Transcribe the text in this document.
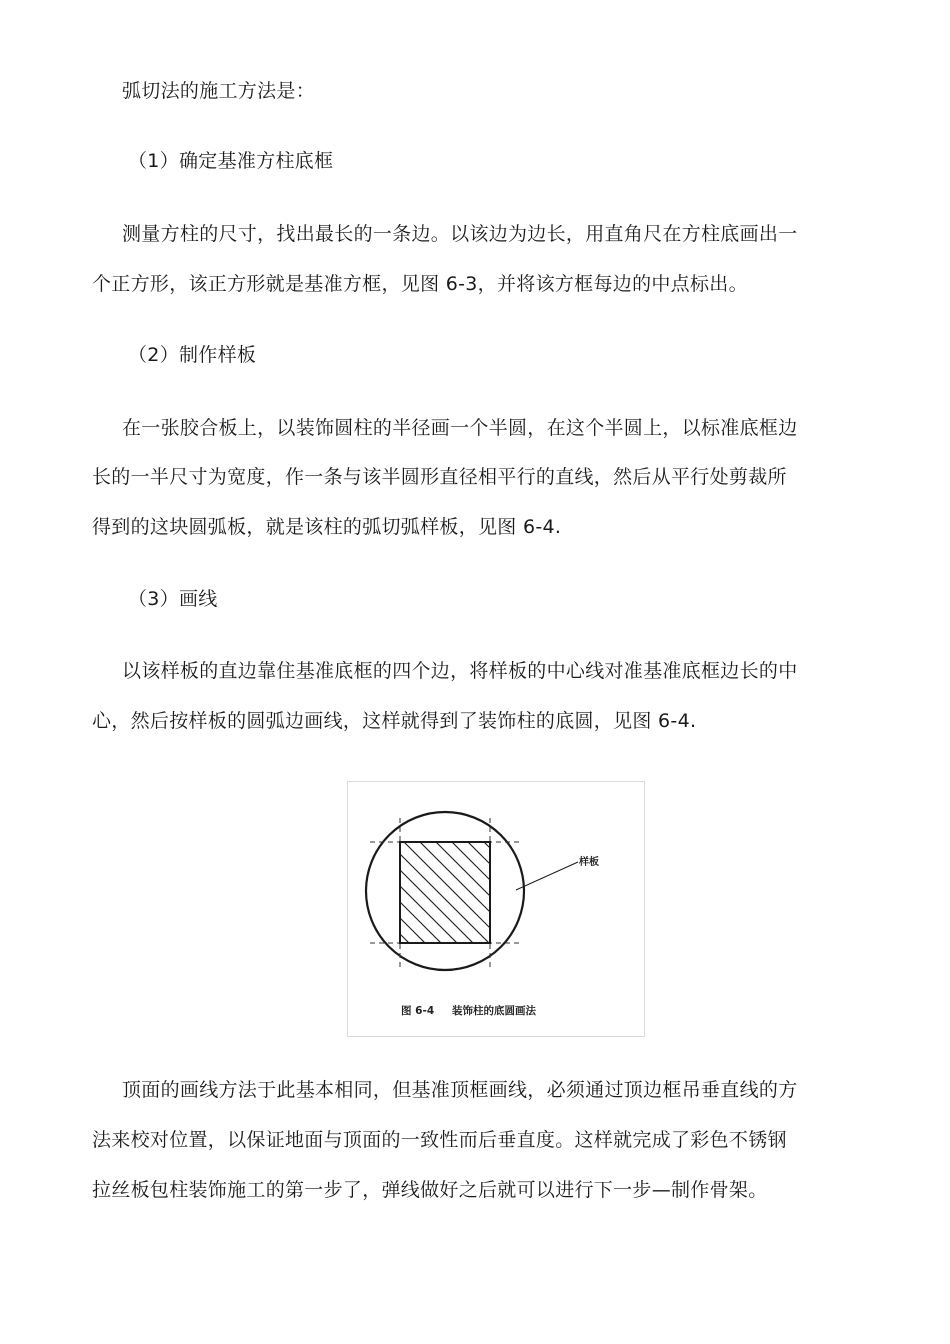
弧切法的施工方法是：
（1）确定基准方柱底框
测量方柱的尺寸，找出最长的一条边。以该边为边长，用直角尺在方柱底画出一
个正方形，该正方形就是基准方框，见图 6-3，并将该方框每边的中点标出。
（2）制作样板
在一张胶合板上，以装饰圆柱的半径画一个半圆，在这个半圆上，以标准底框边
长的一半尺寸为宽度，作一条与该半圆形直径相平行的直线，然后从平行处剪裁所
得到的这块圆弧板，就是该柱的弧切弧样板，见图 6-4.
（3）画线
以该样板的直边靠住基准底框的四个边，将样板的中心线对准基准底框边长的中
心，然后按样板的圆弧边画线，这样就得到了装饰柱的底圆，见图 6-4.
样板
图 6-4 装饰柱的底圆画法
顶面的画线方法于此基本相同，但基准顶框画线，必须通过顶边框吊垂直线的方
法来校对位置，以保证地面与顶面的一致性而后垂直度。这样就完成了彩色不锈钢
拉丝板包柱装饰施工的第一步了，弹线做好之后就可以进行下一步—制作骨架。
